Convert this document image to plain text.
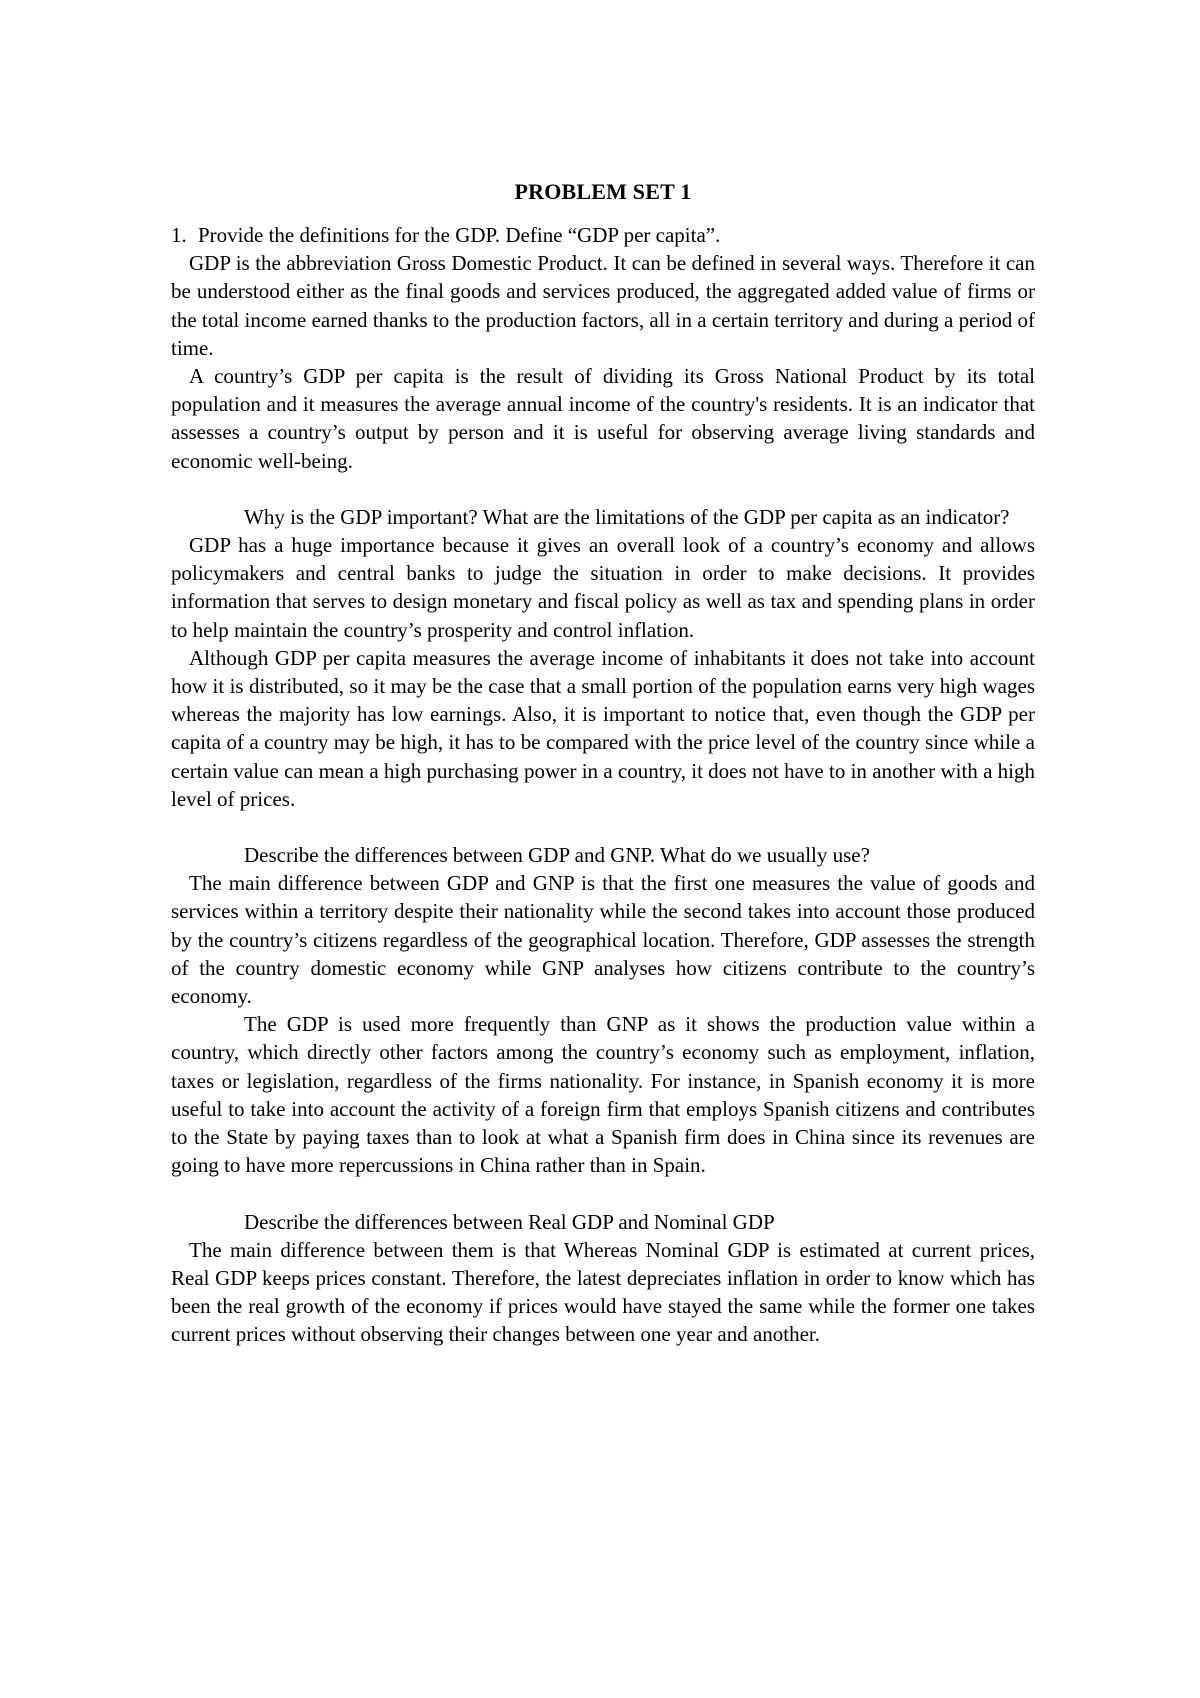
PROBLEM SET 1

1. Provide the definitions for the GDP. Define “GDP per capita”.

GDP is the abbreviation Gross Domestic Product. It can be defined in several ways. Therefore it can be understood either as the final goods and services produced, the aggregated added value of firms or the total income earned thanks to the production factors, all in a certain territory and during a period of time.

A country’s GDP per capita is the result of dividing its Gross National Product by its total population and it measures the average annual income of the country's residents. It is an indicator that assesses a country’s output by person and it is useful for observing average living standards and economic well-being.

Why is the GDP important? What are the limitations of the GDP per capita as an indicator?

GDP has a huge importance because it gives an overall look of a country’s economy and allows policymakers and central banks to judge the situation in order to make decisions. It provides information that serves to design monetary and fiscal policy as well as tax and spending plans in order to help maintain the country’s prosperity and control inflation.

Although GDP per capita measures the average income of inhabitants it does not take into account how it is distributed, so it may be the case that a small portion of the population earns very high wages whereas the majority has low earnings. Also, it is important to notice that, even though the GDP per capita of a country may be high, it has to be compared with the price level of the country since while a certain value can mean a high purchasing power in a country, it does not have to in another with a high level of prices.

Describe the differences between GDP and GNP. What do we usually use?

The main difference between GDP and GNP is that the first one measures the value of goods and services within a territory despite their nationality while the second takes into account those produced by the country’s citizens regardless of the geographical location. Therefore, GDP assesses the strength of the country domestic economy while GNP analyses how citizens contribute to the country’s economy.

The GDP is used more frequently than GNP as it shows the production value within a country, which directly other factors among the country’s economy such as employment, inflation, taxes or legislation, regardless of the firms nationality. For instance, in Spanish economy it is more useful to take into account the activity of a foreign firm that employs Spanish citizens and contributes to the State by paying taxes than to look at what a Spanish firm does in China since its revenues are going to have more repercussions in China rather than in Spain.

Describe the differences between Real GDP and Nominal GDP

The main difference between them is that Whereas Nominal GDP is estimated at current prices, Real GDP keeps prices constant. Therefore, the latest depreciates inflation in order to know which has been the real growth of the economy if prices would have stayed the same while the former one takes current prices without observing their changes between one year and another.
